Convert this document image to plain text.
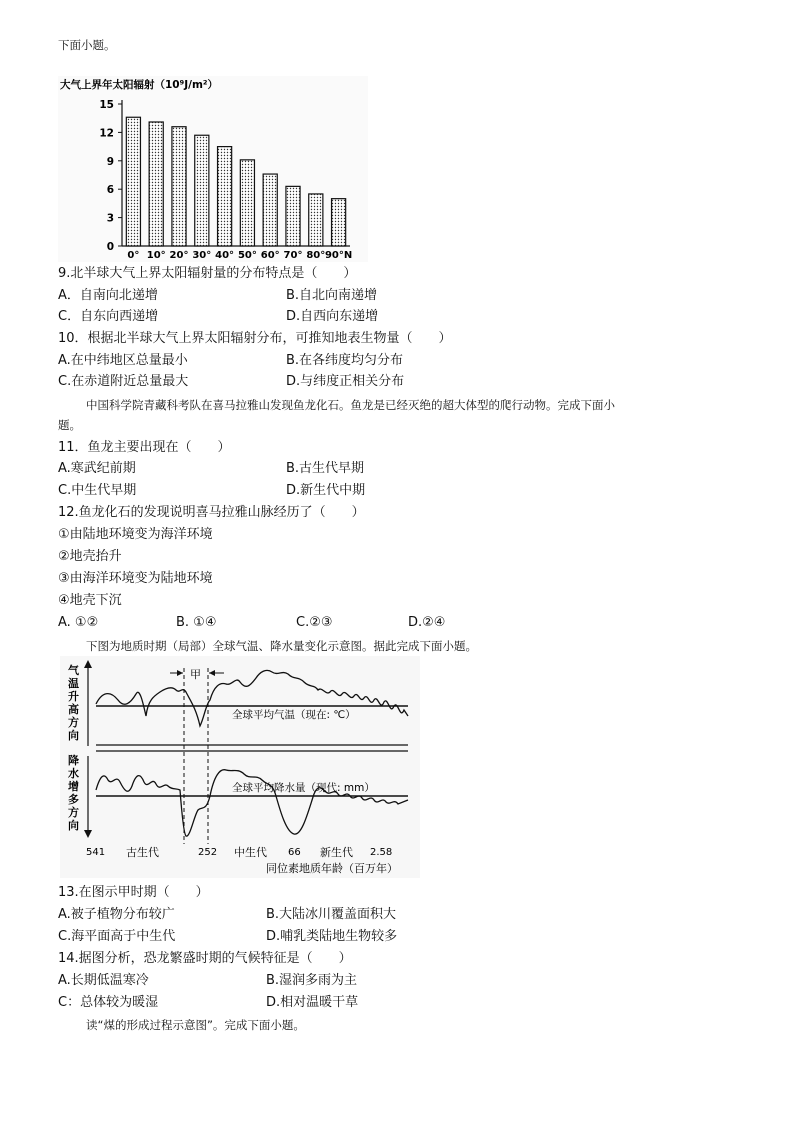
下面小题。
大气上界年太阳辐射（10⁹J/m²）
0
3
6
9
12
15
0° 10° 20° 30° 40° 50° 60° 70° 80° 90°N
9.北半球大气上界太阳辐射量的分布特点是（　　）
A．自南向北递增	B.自北向南递增
C．自东向西递增	D.自西向东递增
10．根据北半球大气上界太阳辐射分布，可推知地表生物量（　　）
A.在中纬地区总量最小	B.在各纬度均匀分布
C.在赤道附近总量最大	D.与纬度正相关分布
中国科学院青藏科考队在喜马拉雅山发现鱼龙化石。鱼龙是已经灭绝的超大体型的爬行动物。完成下面小
题。
11．鱼龙主要出现在（　　）
A.寒武纪前期	B.古生代早期
C.中生代早期	D.新生代中期
12.鱼龙化石的发现说明喜马拉雅山脉经历了（　　）
①由陆地环境变为海洋环境
②地壳抬升
③由海洋环境变为陆地环境
④地壳下沉
A. ①②	B. ①④	C.②③	D.②④
下图为地质时期（局部）全球气温、降水量变化示意图。据此完成下面小题。
甲
全球平均气温（现在: ℃）
全球平均降水量（现代: mm）
541	252	66	2.58
古生代	中生代	新生代
同位素地质年龄（百万年）
气
温
升
高
方
向
降
水
增
多
方
向
13.在图示甲时期（　　）
A.被子植物分布较广	B.大陆冰川覆盖面积大
C.海平面高于中生代	D.哺乳类陆地生物较多
14.据图分析，恐龙繁盛时期的气候特征是（　　）
A.长期低温寒冷	B.湿润多雨为主
C：总体较为暖湿	D.相对温暖干草
读“煤的形成过程示意图”。完成下面小题。
